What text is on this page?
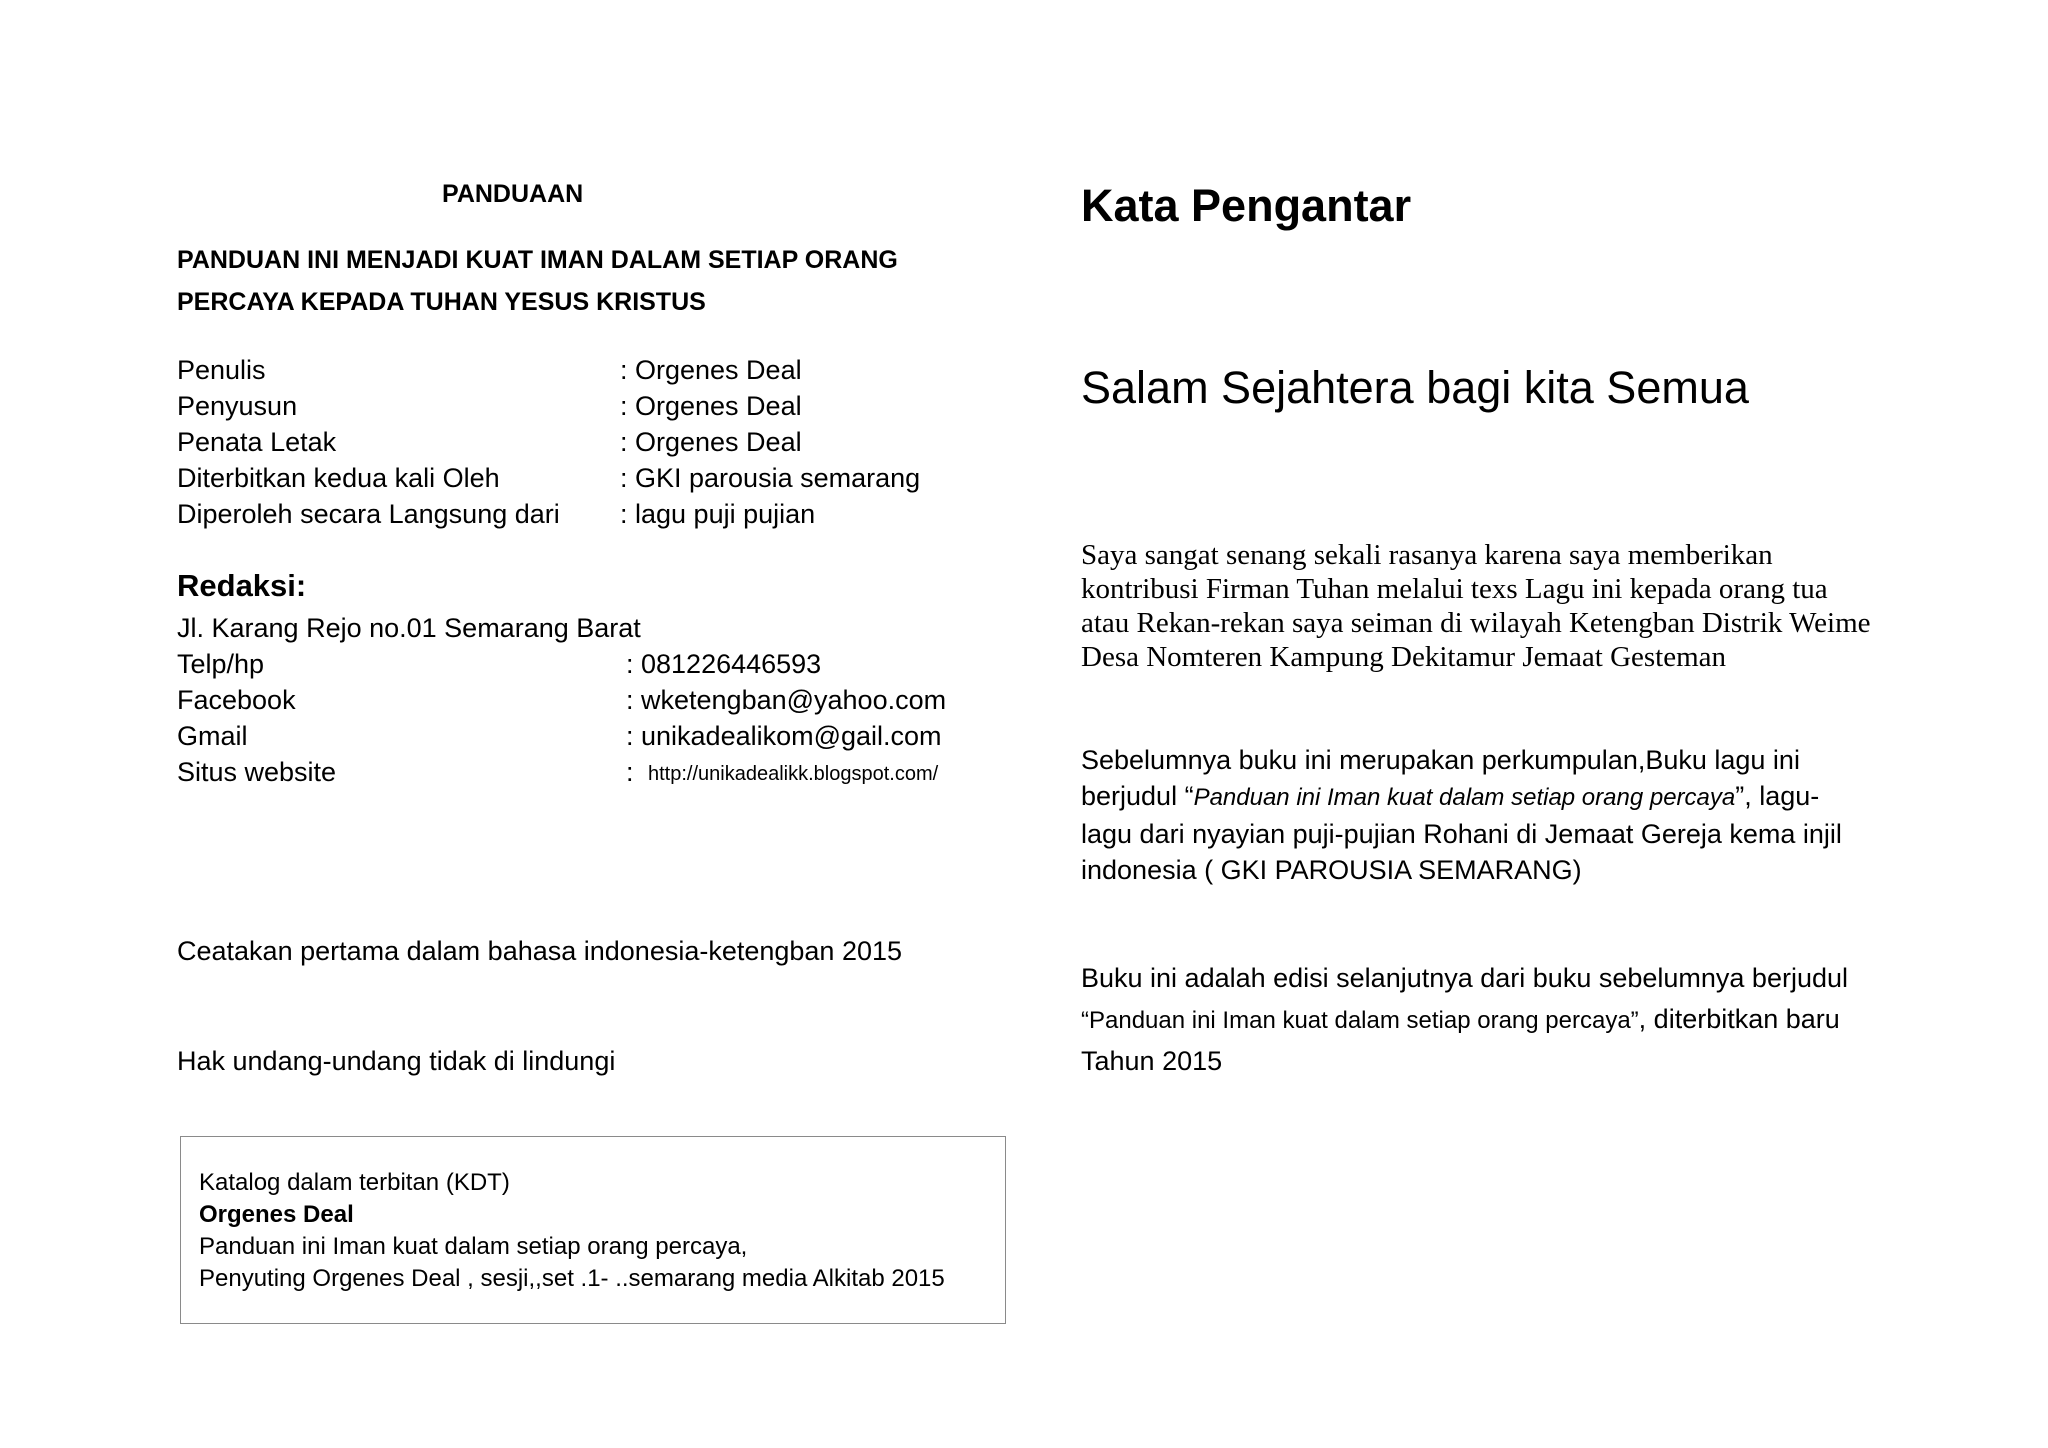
PANDUAAN
PANDUAN INI MENJADI KUAT IMAN DALAM SETIAP ORANG
PERCAYA KEPADA TUHAN YESUS KRISTUS
Penulis	: Orgenes Deal
Penyusun	: Orgenes Deal
Penata Letak	: Orgenes Deal
Diterbitkan kedua kali Oleh	: GKI parousia semarang
Diperoleh secara Langsung dari : lagu puji pujian
Redaksi:
Jl. Karang Rejo no.01 Semarang Barat
Telp/hp	: 081226446593
Facebook	: wketengban@yahoo.com
Gmail	: unikadealikom@gail.com
Situs website	: http://unikadealikk.blogspot.com/
Ceatakan pertama dalam bahasa indonesia-ketengban 2015
Hak undang-undang tidak di lindungi
Katalog dalam terbitan (KDT)
Orgenes Deal
Panduan ini Iman kuat dalam setiap orang percaya,
Penyuting Orgenes Deal , sesji,,set .1- ..semarang media Alkitab 2015
Kata Pengantar
Salam Sejahtera bagi kita Semua
Saya sangat senang sekali rasanya karena saya memberikan
kontribusi Firman Tuhan melalui texs Lagu ini kepada orang tua
atau Rekan-rekan saya seiman di wilayah Ketengban Distrik Weime
Desa Nomteren Kampung Dekitamur Jemaat Gesteman
Sebelumnya buku ini merupakan perkumpulan,Buku lagu ini
berjudul “Panduan ini Iman kuat dalam setiap orang percaya”, lagu-
lagu dari nyayian puji-pujian Rohani di Jemaat Gereja kema injil
indonesia ( GKI PAROUSIA SEMARANG)
Buku ini adalah edisi selanjutnya dari buku sebelumnya berjudul
“Panduan ini Iman kuat dalam setiap orang percaya”, diterbitkan baru
Tahun 2015
